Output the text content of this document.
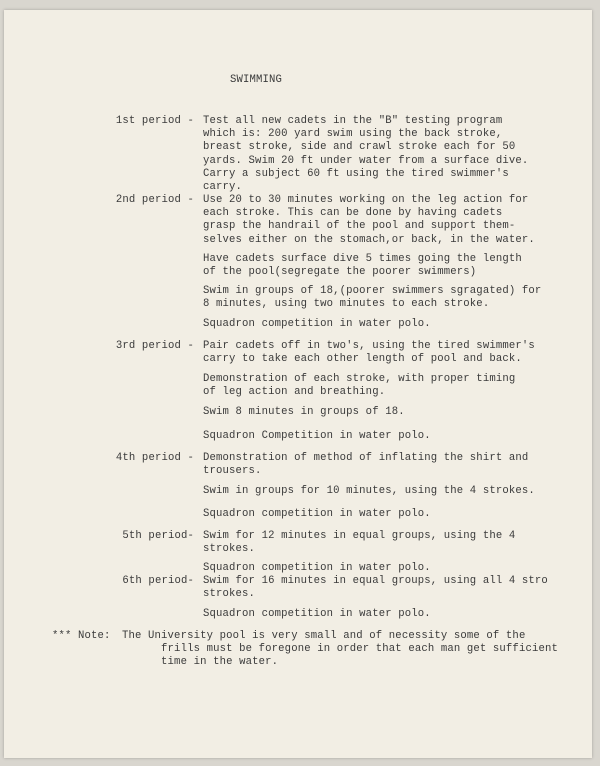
SWIMMING
1st period - Test all new cadets in the "B" testing program
which is: 200 yard swim using the back stroke,
breast stroke, side and crawl stroke each for 50
yards. Swim 20 ft under water from a surface dive.
Carry a subject 60 ft using the tired swimmer's
carry.
2nd period - Use 20 to 30 minutes working on the leg action for
each stroke. This can be done by having cadets
grasp the handrail of the pool and support them-
selves either on the stomach,or back, in the water.
Have cadets surface dive 5 times going the length
of the pool(segregate the poorer swimmers)
Swim in groups of 18,(poorer swimmers sgragated) for
8 minutes, using two minutes to each stroke.
Squadron competition in water polo.
3rd period - Pair cadets off in two's, using the tired swimmer's
carry to take each other length of pool and back.
Demonstration of each stroke, with proper timing
of leg action and breathing.
Swim 8 minutes in groups of 18.
Squadron Competition in water polo.
4th period - Demonstration of method of inflating the shirt and
trousers.
Swim in groups for 10 minutes, using the 4 strokes.
Squadron competition in water polo.
5th period- Swim for 12 minutes in equal groups, using the 4
strokes.
Squadron competition in water polo.
6th period- Swim for 16 minutes in equal groups, using all 4 stro
strokes.
Squadron competition in water polo.
*** Note: The University pool is very small and of necessity some of the
frills must be foregone in order that each man get sufficient
time in the water.
